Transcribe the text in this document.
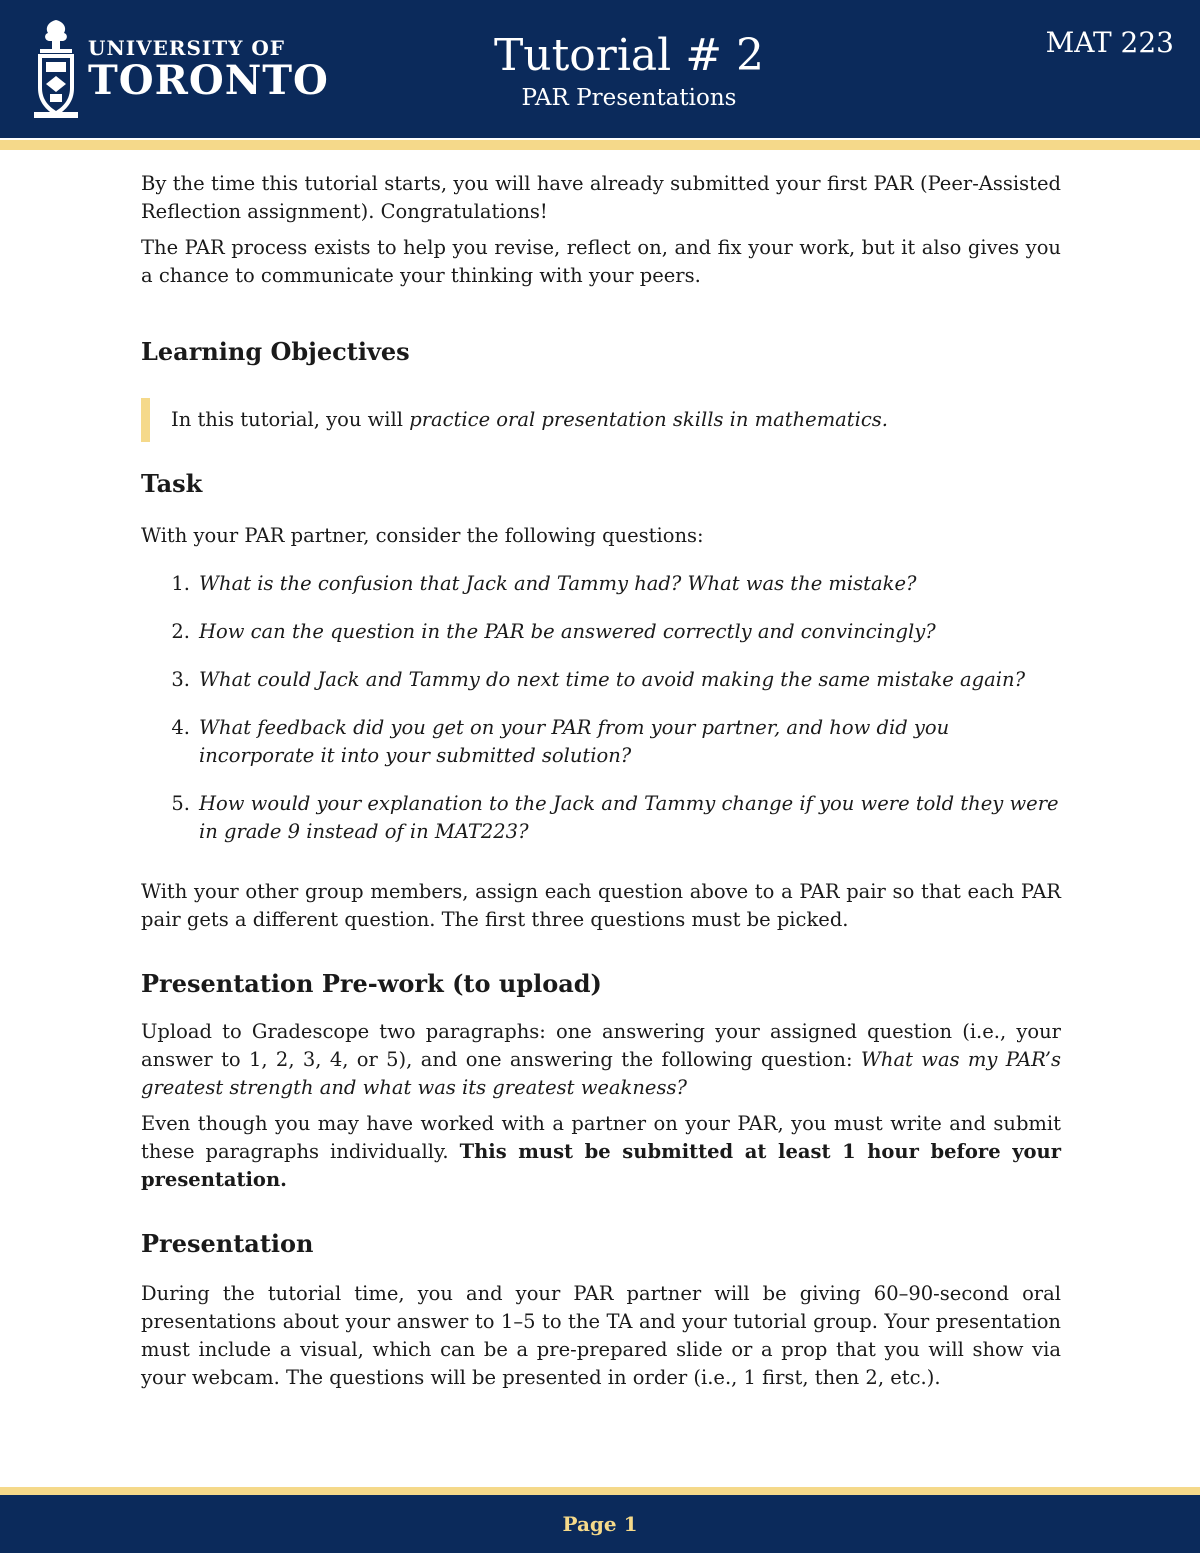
UNIVERSITY OF
TORONTO	Tutorial # 2
PAR Presentations
MAT 223

By the time this tutorial starts, you will have already submitted your first PAR (Peer-Assisted Reflection assignment). Congratulations!

The PAR process exists to help you revise, reflect on, and fix your work, but it also gives you a chance to communicate your thinking with your peers.

Learning Objectives
In this tutorial, you will practice oral presentation skills in mathematics.
Task

With your PAR partner, consider the following questions:

1. What is the confusion that Jack and Tammy had? What was the mistake?
2. How can the question in the PAR be answered correctly and convincingly?
3. What could Jack and Tammy do next time to avoid making the same mistake again?
4. What feedback did you get on your PAR from your partner, and how did you incorporate it into your submitted solution?
5. How would your explanation to the Jack and Tammy change if you were told they were in grade 9 instead of in MAT223?

With your other group members, assign each question above to a PAR pair so that each PAR pair gets a different question. The first three questions must be picked.

Presentation Pre-work (to upload)

Upload to Gradescope two paragraphs: one answering your assigned question (i.e., your answer to 1, 2, 3, 4, or 5), and one answering the following question: What was my PAR’s greatest strength and what was its greatest weakness?

Even though you may have worked with a partner on your PAR, you must write and submit these paragraphs individually. This must be submitted at least 1 hour before your presentation.

Presentation

During the tutorial time, you and your PAR partner will be giving 60–90-second oral presentations about your answer to 1–5 to the TA and your tutorial group. Your presentation must include a visual, which can be a pre-prepared slide or a prop that you will show via your webcam. The questions will be presented in order (i.e., 1 first, then 2, etc.).

Page 1
